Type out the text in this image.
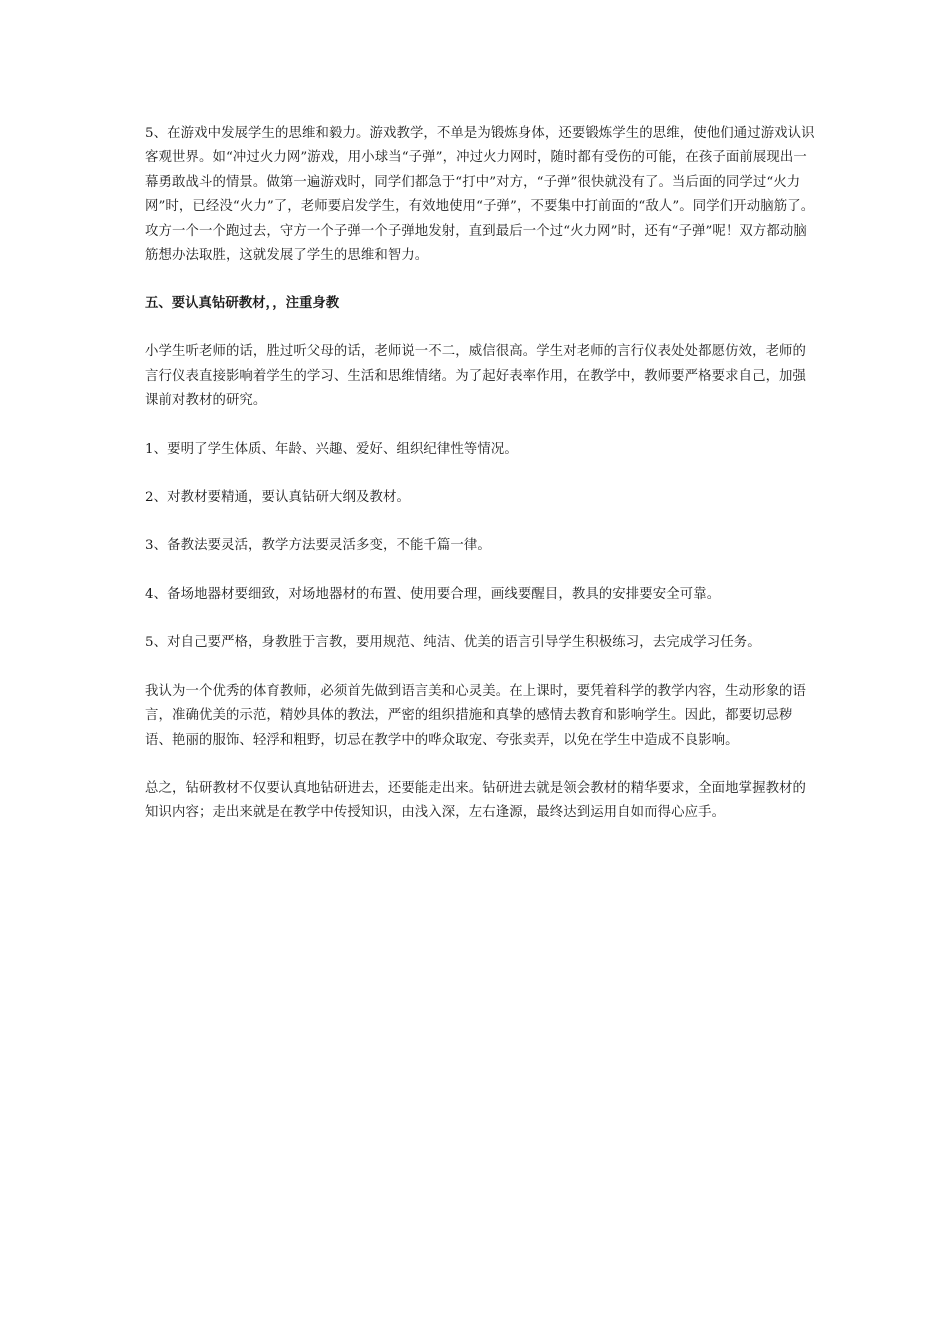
5、在游戏中发展学生的思维和毅力。游戏教学，不单是为锻炼身体，还要锻炼学生的思维，使他们通过游戏认识客观世界。如“冲过火力网”游戏，用小球当“子弹”，冲过火力网时，随时都有受伤的可能，在孩子面前展现出一幕勇敢战斗的情景。做第一遍游戏时，同学们都急于“打中”对方，“子弹”很快就没有了。当后面的同学过“火力网”时，已经没“火力”了，老师要启发学生，有效地使用“子弹”，不要集中打前面的“敌人”。同学们开动脑筋了。攻方一个一个跑过去，守方一个子弹一个子弹地发射，直到最后一个过“火力网”时，还有“子弹”呢！双方都动脑筋想办法取胜，这就发展了学生的思维和智力。

五、要认真钻研教材，，注重身教

小学生听老师的话，胜过听父母的话，老师说一不二，威信很高。学生对老师的言行仪表处处都愿仿效，老师的言行仪表直接影响着学生的学习、生活和思维情绪。为了起好表率作用，在教学中，教师要严格要求自己，加强课前对教材的研究。

1、要明了学生体质、年龄、兴趣、爱好、组织纪律性等情况。

2、对教材要精通，要认真钻研大纲及教材。

3、备教法要灵活，教学方法要灵活多变，不能千篇一律。

4、备场地器材要细致，对场地器材的布置、使用要合理，画线要醒目，教具的安排要安全可靠。

5、对自己要严格，身教胜于言教，要用规范、纯洁、优美的语言引导学生积极练习，去完成学习任务。

我认为一个优秀的体育教师，必须首先做到语言美和心灵美。在上课时，要凭着科学的教学内容，生动形象的语言，准确优美的示范，精妙具体的教法，严密的组织措施和真挚的感情去教育和影响学生。因此，都要切忌秽语、艳丽的服饰、轻浮和粗野，切忌在教学中的哗众取宠、夸张卖弄，以免在学生中造成不良影响。

总之，钻研教材不仅要认真地钻研进去，还要能走出来。钻研进去就是领会教材的精华要求，全面地掌握教材的知识内容；走出来就是在教学中传授知识，由浅入深，左右逢源，最终达到运用自如而得心应手。
